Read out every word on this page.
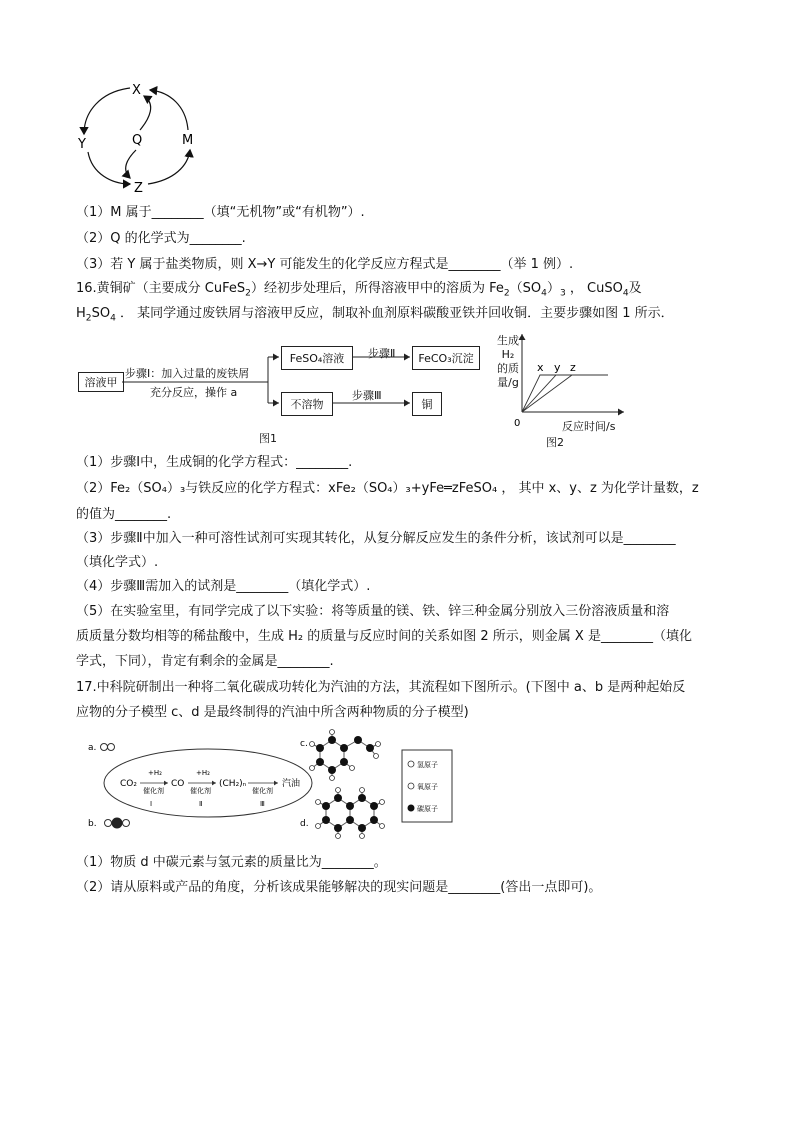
X
Y
Z
M
Q
（1）M 属于________（填“无机物”或“有机物”）.
（2）Q 的化学式为________.
（3）若 Y 属于盐类物质，则 X→Y 可能发生的化学反应方程式是________（举 1 例）.
16.黄铜矿（主要成分 CuFeS$_2$）经初步处理后，所得溶液甲中的溶质为 $Fe_2(SO_4)_3$ ， CuSO$_4$及
$H_2SO_4$ ． 某同学通过废铁屑与溶液甲反应，制取补血剂原料碳酸亚铁并回收铜．主要步骤如图 1 所示．
溶液甲
步骤Ⅰ：加入过量的废铁屑
充分反应，操作 a
FeSO₄溶液	步骤Ⅱ	FeCO₃沉淀
不溶物
步骤Ⅲ
铜
图1
生成
H₂
的质
量/g
x y z
0	反应时间/s
图2
（1）步骤Ⅰ中，生成铜的化学方程式：________.
（2）Fe₂（SO₄）₃与铁反应的化学方程式：xFe₂（SO₄）₃+yFe═zFeSO₄ ， 其中 x、y、z 为化学计量数，z
的值为________.
（3）步骤Ⅱ中加入一种可溶性试剂可实现其转化，从复分解反应发生的条件分析，该试剂可以是________
（填化学式）.
（4）步骤Ⅲ需加入的试剂是________（填化学式）.
（5）在实验室里，有同学完成了以下实验：将等质量的镁、铁、锌三种金属分别放入三份溶液质量和溶
质质量分数均相等的稀盐酸中，生成 H₂ 的质量与反应时间的关系如图 2 所示，则金属 X 是________（填化
学式，下同），肯定有剩余的金属是________.
17.中科院研制出一种将二氧化碳成功转化为汽油的方法，其流程如下图所示。(下图中 a、b 是两种起始反
应物的分子模型 c、d 是最终制得的汽油中所含两种物质的分子模型)
a.
b.
CO₂
+H₂
催化剂
Ⅰ
CO
+H₂
催化剂
Ⅱ
(CH₂)ₙ
催化剂
Ⅲ
汽油
c.
d.
氢原子
氧原子
碳原子
（1）物质 d 中碳元素与氢元素的质量比为________。
（2）请从原料或产品的角度，分析该成果能够解决的现实问题是________(答出一点即可)。
